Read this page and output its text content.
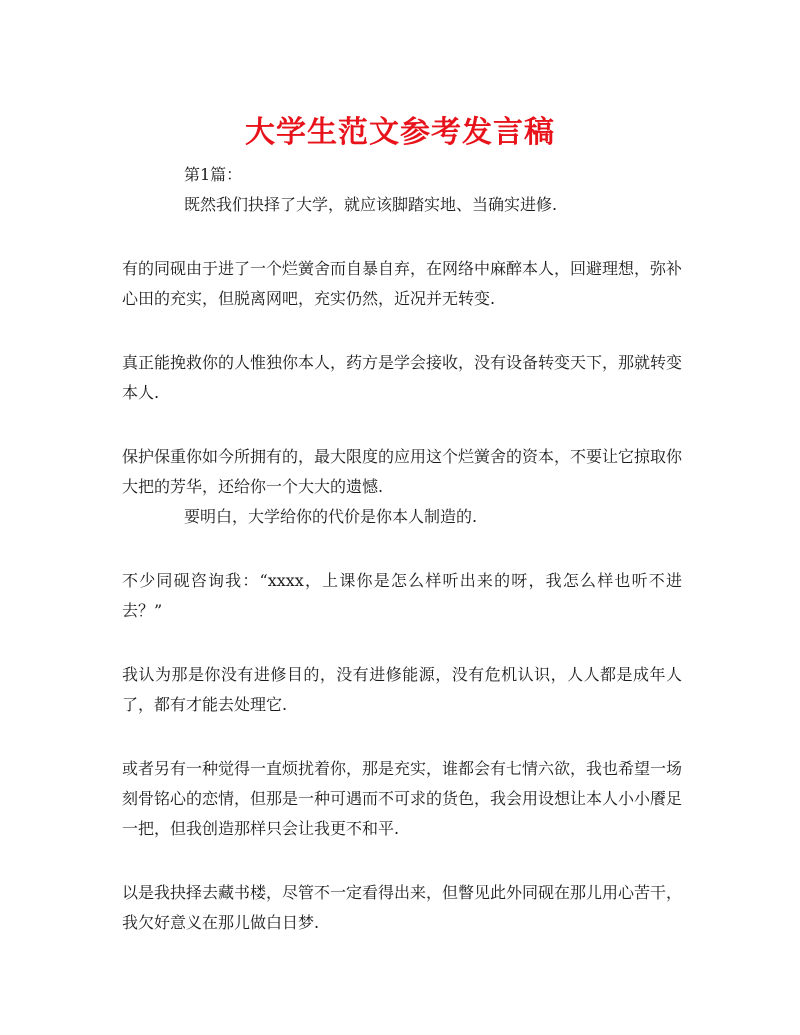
大学生范文参考发言稿

第1篇：

既然我们抉择了大学，就应该脚踏实地、当确实进修.

有的同砚由于进了一个烂黉舍而自暴自弃，在网络中麻醉本人，回避理想，弥补心田的充实，但脱离网吧，充实仍然，近况并无转变.

真正能挽救你的人惟独你本人，药方是学会接收，没有设备转变天下，那就转变本人.

保护保重你如今所拥有的，最大限度的应用这个烂黉舍的资本，不要让它掠取你大把的芳华，还给你一个大大的遗憾.

要明白，大学给你的代价是你本人制造的.

不少同砚咨询我：“xxxx，上课你是怎么样听出来的呀，我怎么样也听不进去？”

我认为那是你没有进修目的，没有进修能源，没有危机认识，人人都是成年人了，都有才能去处理它.

或者另有一种觉得一直烦扰着你，那是充实，谁都会有七情六欲，我也希望一场刻骨铭心的恋情，但那是一种可遇而不可求的货色，我会用设想让本人小小餍足一把，但我创造那样只会让我更不和平.

以是我抉择去藏书楼，尽管不一定看得出来，但瞥见此外同砚在那儿用心苦干，我欠好意义在那儿做白日梦.
